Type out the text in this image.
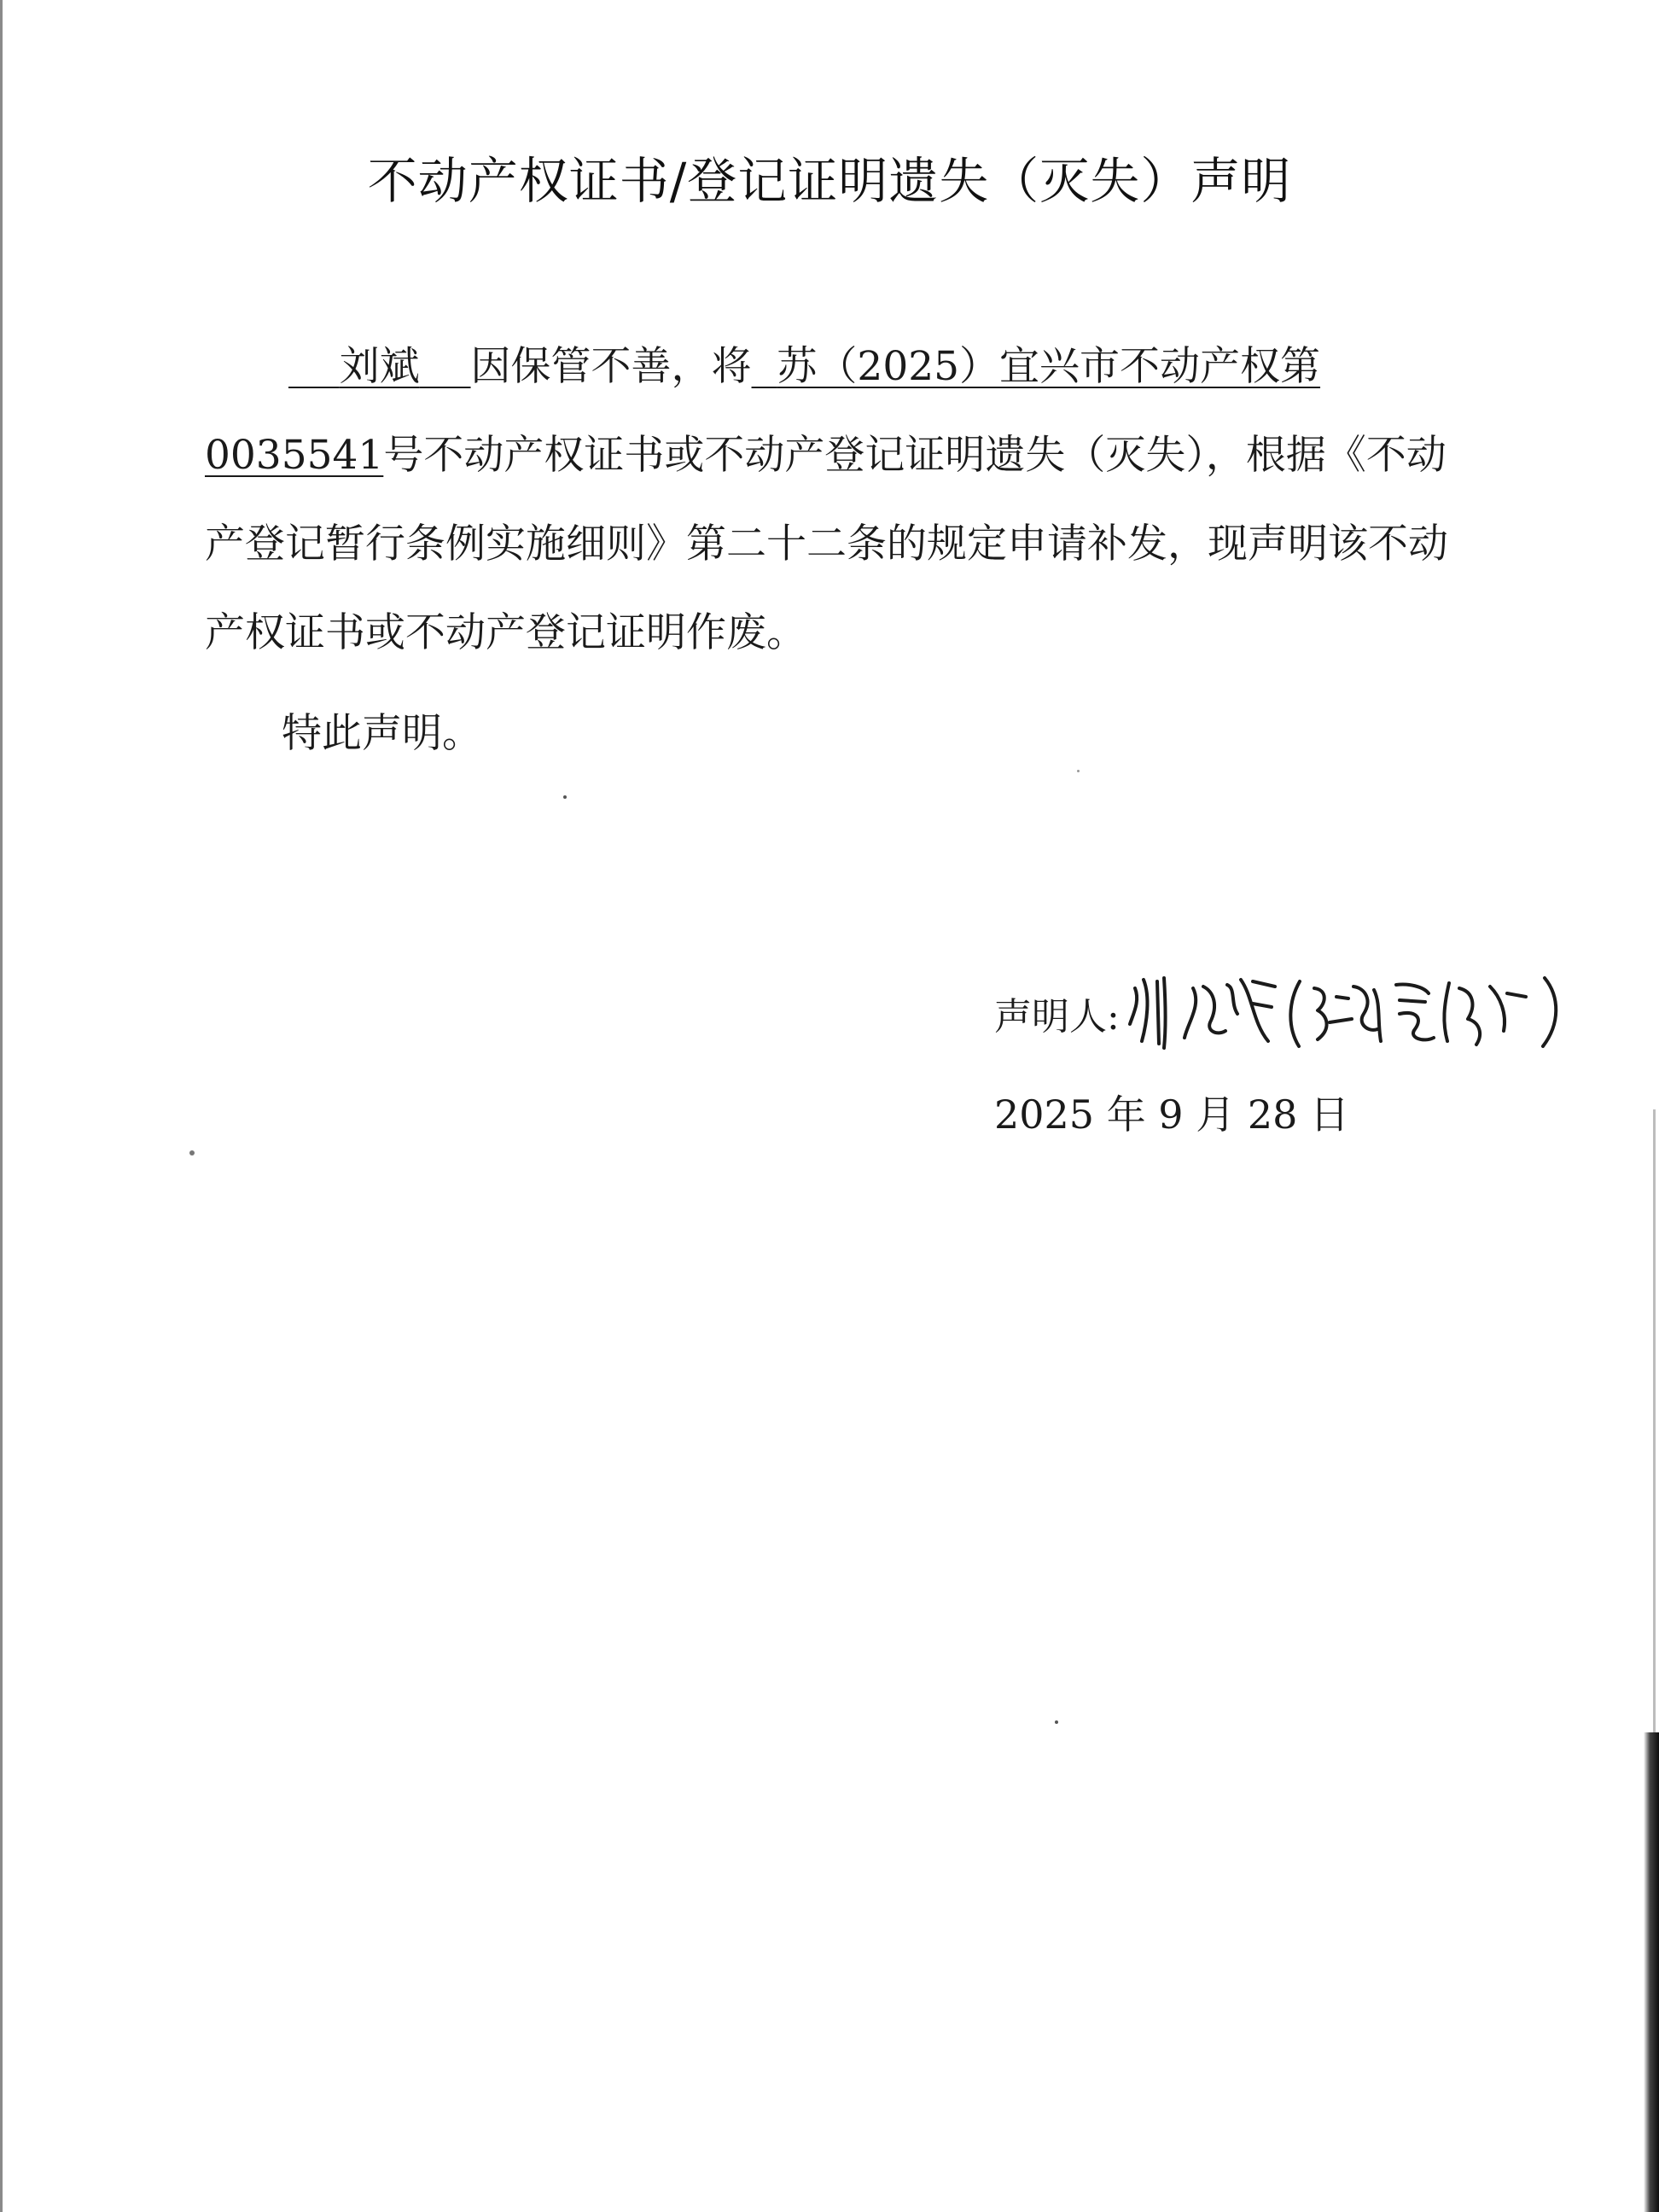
不动产权证书/登记证明遗失（灭失）声明
刘斌 因保管不善，将 苏（2025）宜兴市不动产权第 0035541号不动产权证书或不动产登记证明遗失（灭失），根据《不动产登记暂行条例实施细则》第二十二条的规定申请补发，现声明该不动产权证书或不动产登记证明作废。
特此声明。
声明人:
2025 年 9 月 28 日
